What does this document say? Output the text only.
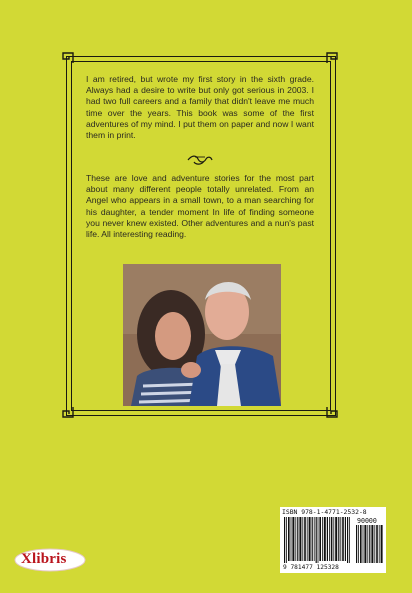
I am retired, but wrote my first story in the sixth grade. Always had a desire to write but only got serious in 2003. I had two full careers and a family that didn't leave me much time over the years. This book was some of the first adventures of my mind. I put them on paper and now I want them in print.
These are love and adventure stories for the most part about many different people totally unrelated. From an Angel who appears in a small town, to a man searching for his daughter, a tender moment In life of finding someone you never knew existed. Other adventures and a nun's past life. All interesting reading.
ISBN 978-1-4771-2532-8
90000
9 781477 125328
Xlibris
